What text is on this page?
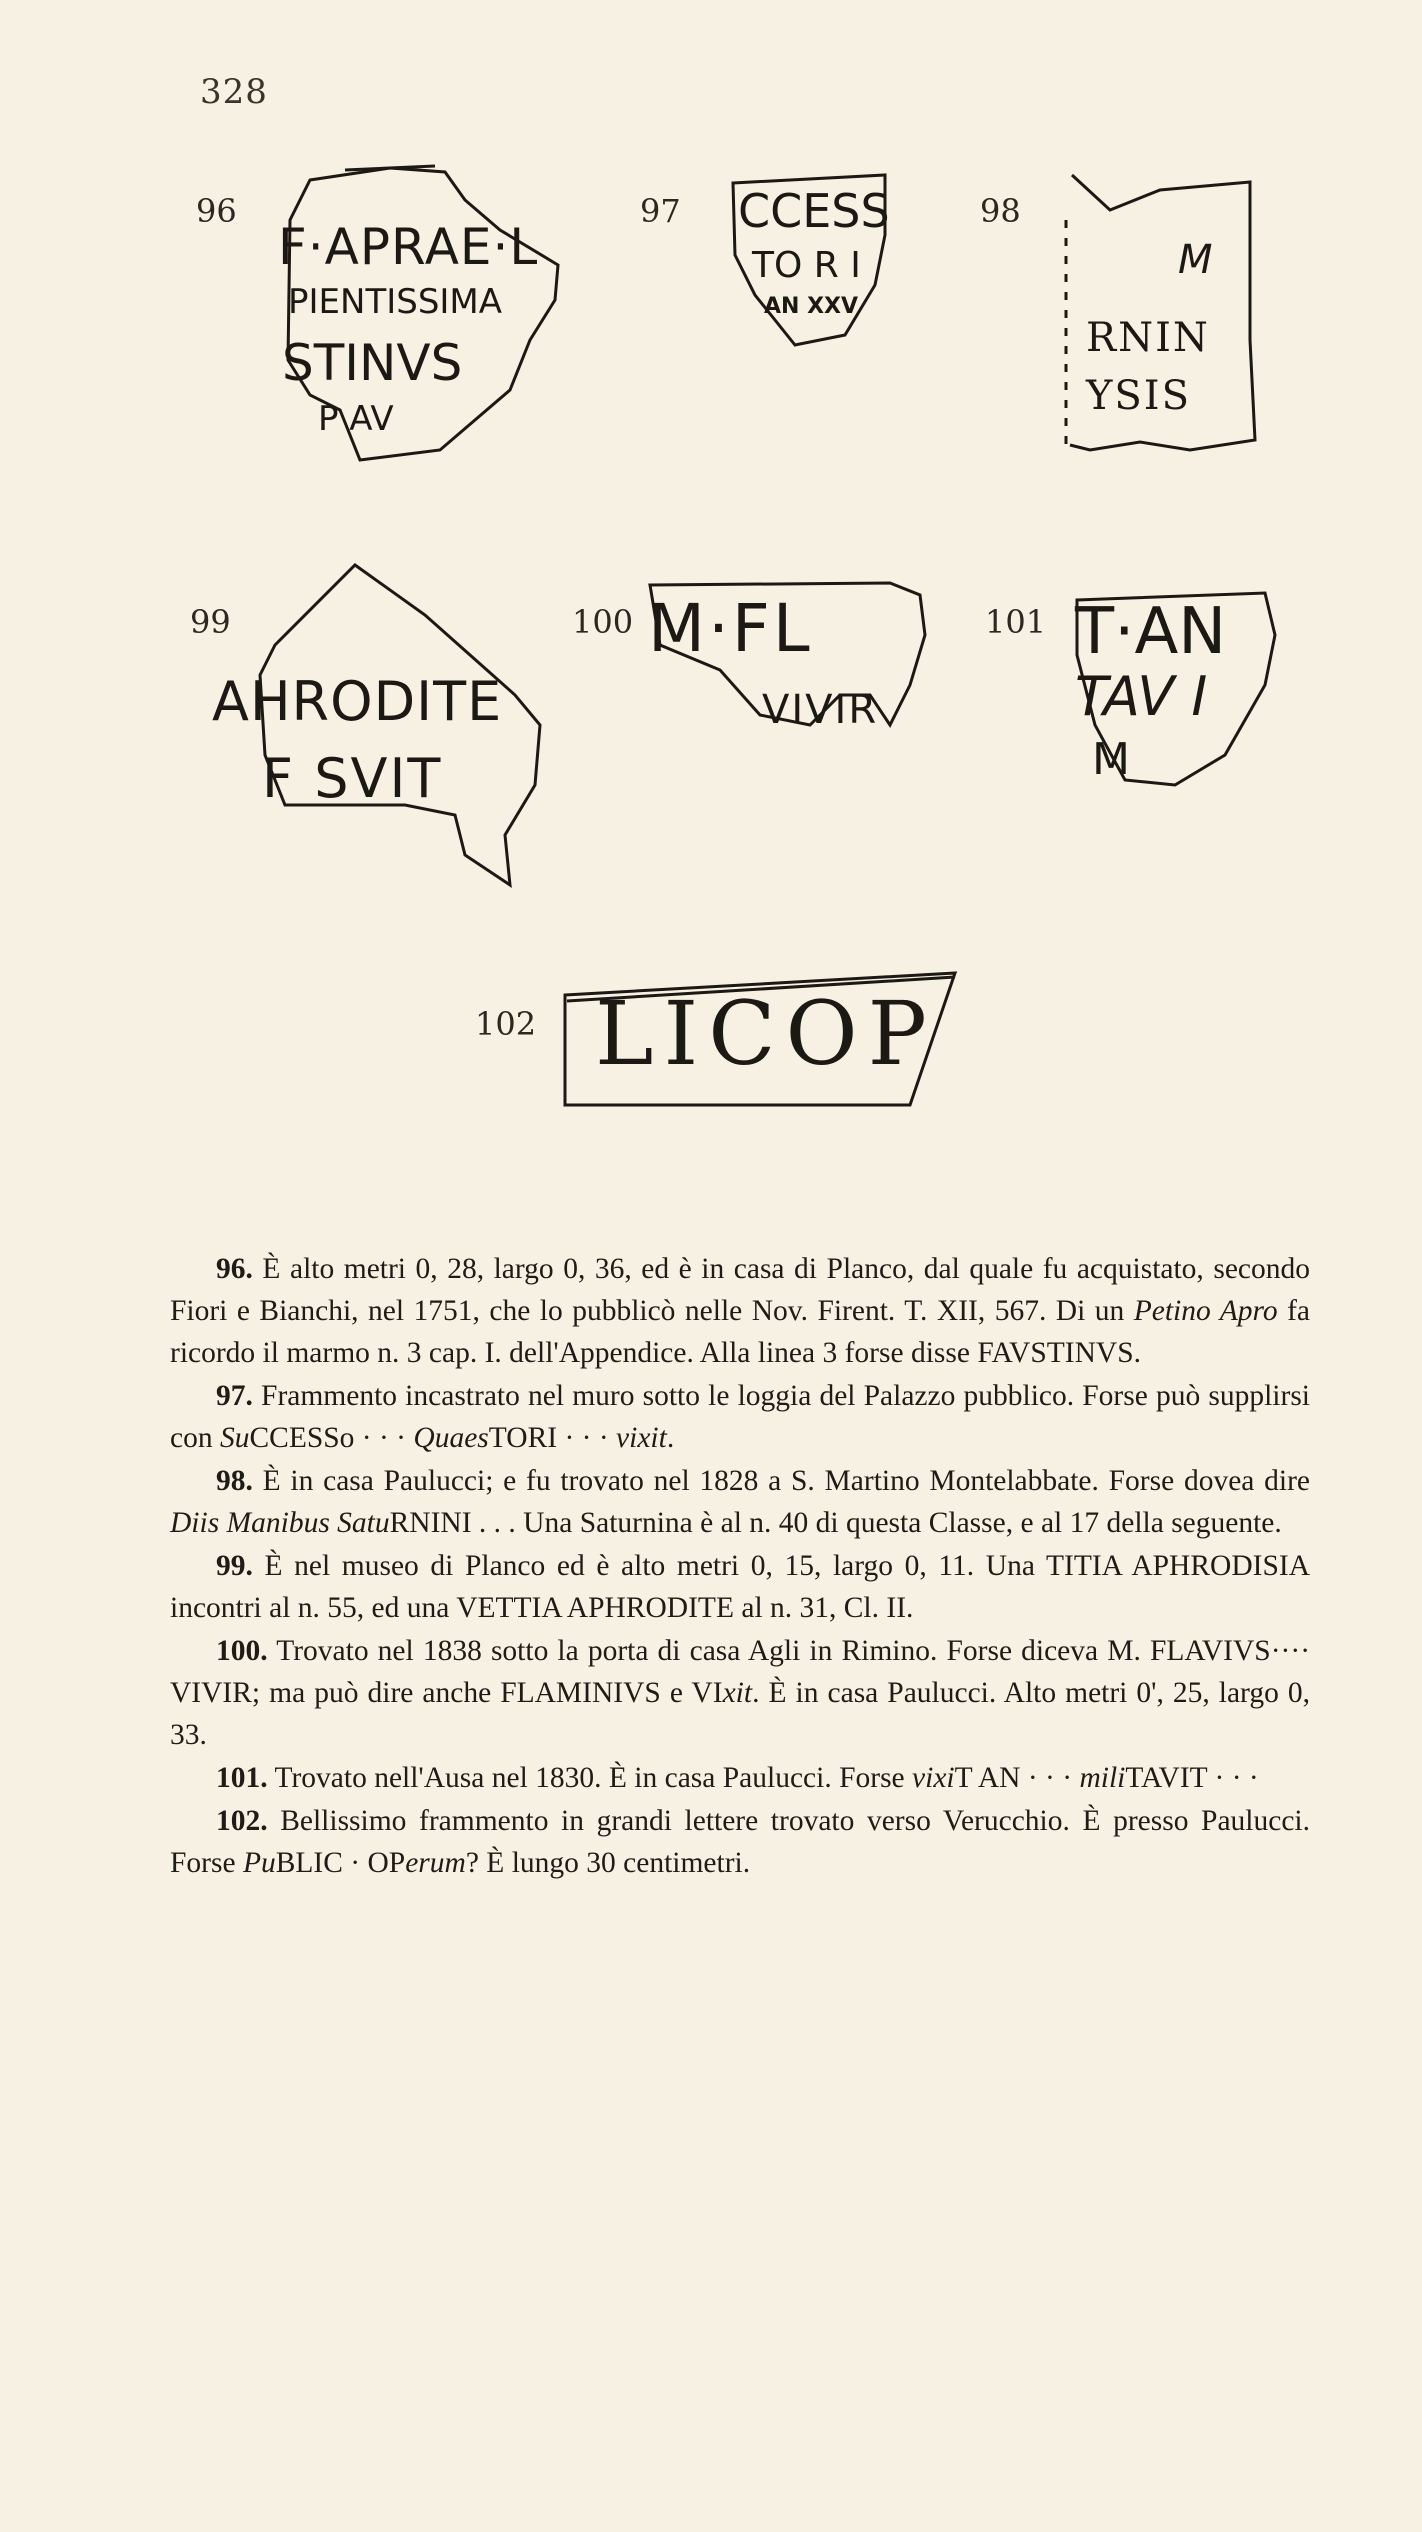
328
96
F·APRAE·L
PIENTISSIMA
STINVS
P AV
97 CCESS
TO R I
AN XXV
98
M
RNIN
YSIS
99
AHRODITE
F SVIT
100 M·FL
VIVIR
101 T·AN
TAV I
M
102 LICOP

96. È alto metri 0, 28, largo 0, 36, ed è in casa di Planco, dal quale fu acquistato, secondo Fiori e Bianchi, nel 1751, che lo pubblicò nelle Nov. Firent. T. XII, 567. Di un Petino Apro fa ricordo il marmo n. 3 cap. I. dell'Appendice. Alla linea 3 forse disse FAVSTINVS.

97. Frammento incastrato nel muro sotto le loggia del Palazzo pubblico. Forse può supplirsi con SuCCESSo · · · QuaesTORI · · · vixit.

98. È in casa Paulucci; e fu trovato nel 1828 a S. Martino Montelabbate. Forse dovea dire Diis Manibus SatuRNINI . . . Una Saturnina è al n. 40 di questa Classe, e al 17 della seguente.

99. È nel museo di Planco ed è alto metri 0, 15, largo 0, 11. Una TITIA APHRODISIA incontri al n. 55, ed una VETTIA APHRODITE al n. 31, Cl. II.

100. Trovato nel 1838 sotto la porta di casa Agli in Rimino. Forse diceva M. FLAVIVS···· VIVIR; ma può dire anche FLAMINIVS e VIxit. È in casa Paulucci. Alto metri 0', 25, largo 0, 33.

101. Trovato nell'Ausa nel 1830. È in casa Paulucci. Forse vixiT AN · · · miliTAVIT · · ·

102. Bellissimo frammento in grandi lettere trovato verso Verucchio. È presso Paulucci. Forse PuBLIC · OPerum? È lungo 30 centimetri.
